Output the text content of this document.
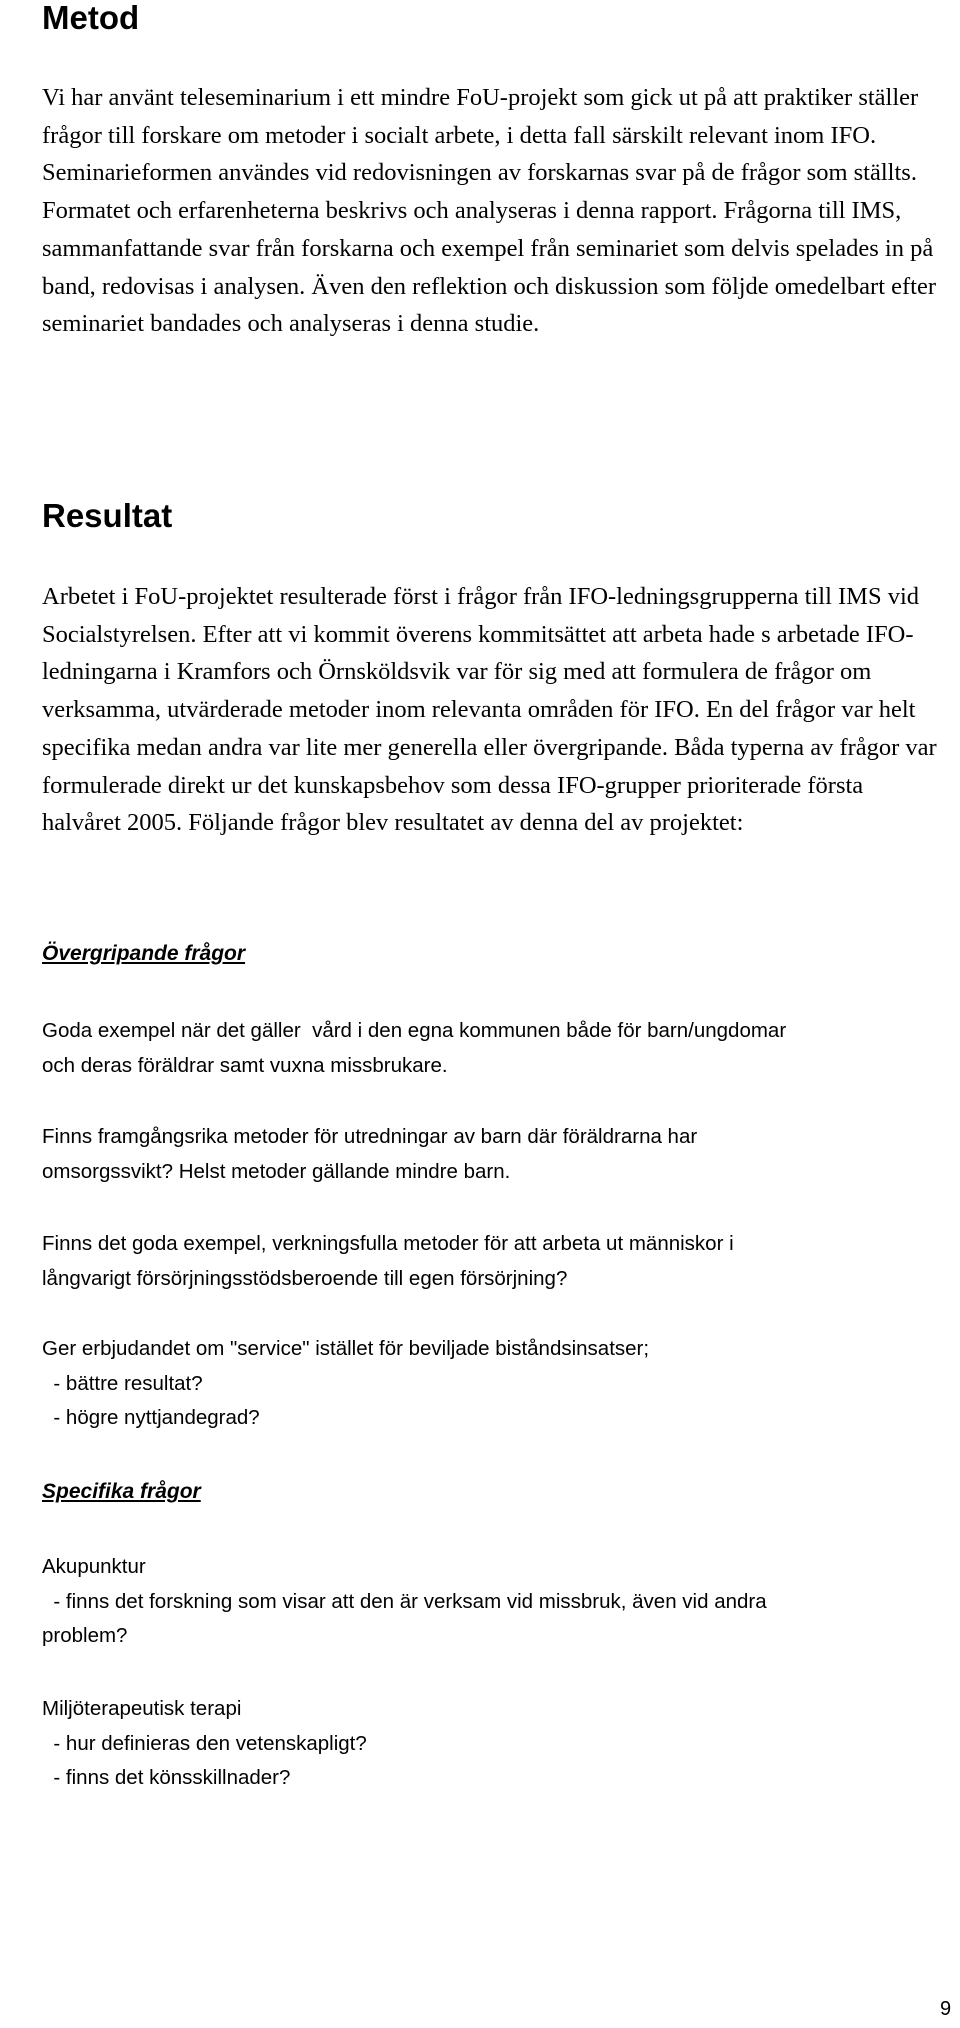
Metod

Vi har använt teleseminarium i ett mindre FoU-projekt som gick ut på att praktiker ställer frågor till forskare om metoder i socialt arbete, i detta fall särskilt relevant inom IFO. Seminarieformen användes vid redovisningen av forskarnas svar på de frågor som ställts. Formatet och erfarenheterna beskrivs och analyseras i denna rapport. Frågorna till IMS, sammanfattande svar från forskarna och exempel från seminariet som delvis spelades in på band, redovisas i analysen. Även den reflektion och diskussion som följde omedelbart efter seminariet bandades och analyseras i denna studie.

Resultat

Arbetet i FoU-projektet resulterade först i frågor från IFO-ledningsgrupperna till IMS vid Socialstyrelsen. Efter att vi kommit överens kommitsättet att arbeta hade s arbetade IFO-ledningarna i Kramfors och Örnsköldsvik var för sig med att formulera de frågor om verksamma, utvärderade metoder inom relevanta områden för IFO. En del frågor var helt specifika medan andra var lite mer generella eller övergripande. Båda typerna av frågor var formulerade direkt ur det kunskapsbehov som dessa IFO-grupper prioriterade första halvåret 2005. Följande frågor blev resultatet av denna del av projektet:

Övergripande frågor
Goda exempel när det gäller  vård i den egna kommunen både för barn/ungdomar
och deras föräldrar samt vuxna missbrukare.
Finns framgångsrika metoder för utredningar av barn där föräldrarna har
omsorgssvikt? Helst metoder gällande mindre barn.
Finns det goda exempel, verkningsfulla metoder för att arbeta ut människor i
långvarigt försörjningsstödsberoende till egen försörjning?
Ger erbjudandet om "service" istället för beviljade biståndsinsatser;
- bättre resultat?
- högre nyttjandegrad?
Specifika frågor
Akupunktur
- finns det forskning som visar att den är verksam vid missbruk, även vid andra
problem?
Miljöterapeutisk terapi
- hur definieras den vetenskapligt?
- finns det könsskillnader?

9
